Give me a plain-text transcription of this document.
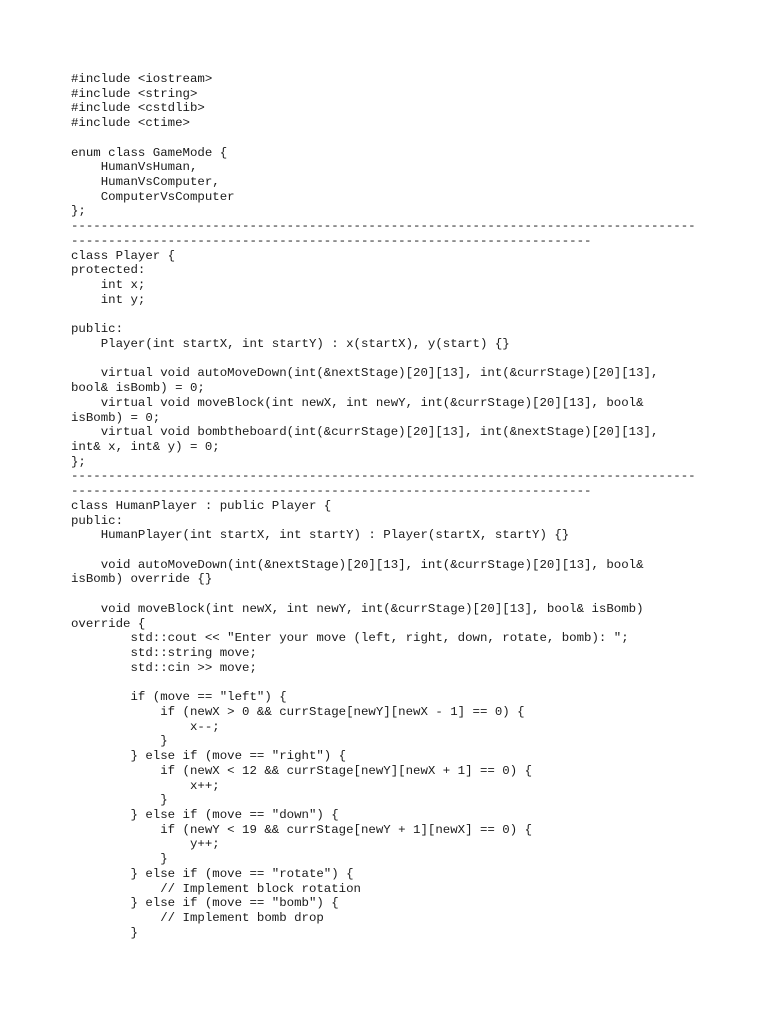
#include <iostream>
#include <string>
#include <cstdlib>
#include <ctime>
enum class GameMode {
HumanVsHuman,
HumanVsComputer,
ComputerVsComputer
};
------------------------------------------------------------------------------------
----------------------------------------------------------------------
class Player {
protected:
int x;
int y;
public:
Player(int startX, int startY) : x(startX), y(start) {}
virtual void autoMoveDown(int(&nextStage)[20][13], int(&currStage)[20][13],
bool& isBomb) = 0;
virtual void moveBlock(int newX, int newY, int(&currStage)[20][13], bool&
isBomb) = 0;
virtual void bombtheboard(int(&currStage)[20][13], int(&nextStage)[20][13],
int& x, int& y) = 0;
};
------------------------------------------------------------------------------------
----------------------------------------------------------------------
class HumanPlayer : public Player {
public:
HumanPlayer(int startX, int startY) : Player(startX, startY) {}
void autoMoveDown(int(&nextStage)[20][13], int(&currStage)[20][13], bool&
isBomb) override {}
void moveBlock(int newX, int newY, int(&currStage)[20][13], bool& isBomb)
override {
std::cout << "Enter your move (left, right, down, rotate, bomb): ";
std::string move;
std::cin >> move;
if (move == "left") {
if (newX > 0 && currStage[newY][newX - 1] == 0) {
x--;
}
} else if (move == "right") {
if (newX < 12 && currStage[newY][newX + 1] == 0) {
x++;
}
} else if (move == "down") {
if (newY < 19 && currStage[newY + 1][newX] == 0) {
y++;
}
} else if (move == "rotate") {
// Implement block rotation
} else if (move == "bomb") {
// Implement bomb drop
}
